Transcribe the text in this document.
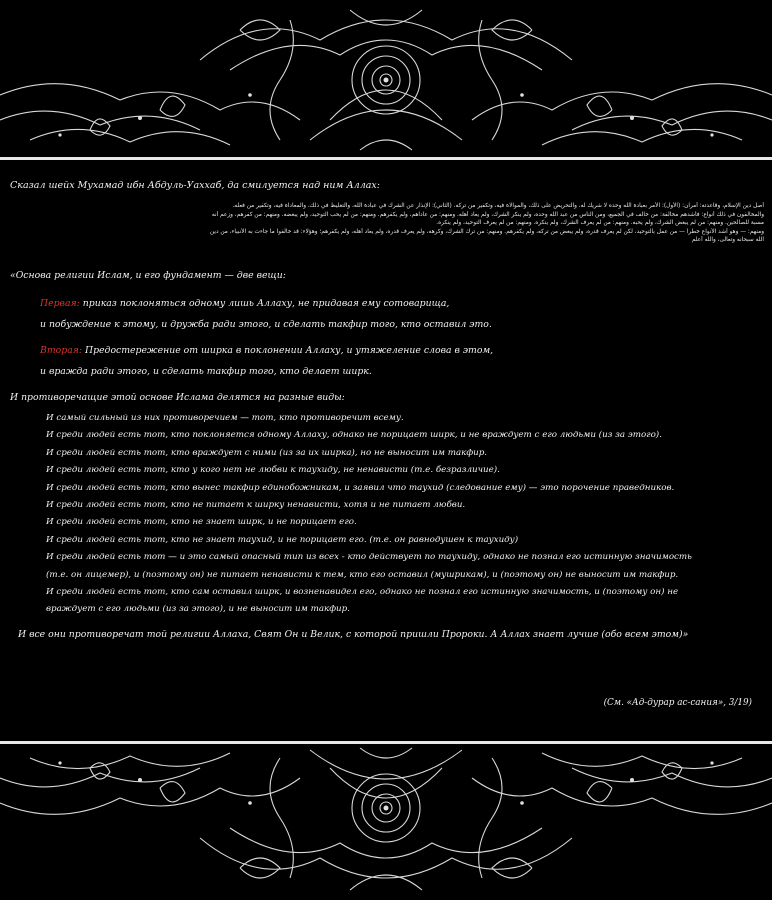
Сказал шейх Мухамад ибн Абдуль-Уаххаб, да смилуется над ним Аллах:
أصل دين الإسلام، وقاعدته: أمران: (الأول): الأمر بعبادة الله وحده لا شريك له، والتحريض على ذلك، والموالاة فيه، وتكفير من تركه. (الثاني): الإنذار عن الشرك في عبادة الله، والتغليظ في ذلك، والمعاداة فيه، وتكفير من فعله.
والمخالفون في ذلك أنواع: فأشدهم مخالفة: من خالف في الجميع، ومن الناس من عبد الله وحده، ولم ينكر الشرك، ولم يعاد أهله. ومنهم: من عاداهم، ولم يكفرهم. ومنهم: من لم يحب التوحيد، ولم يبغضه. ومنهم: من كفرهم، وزعم أنه
مسبة للصالحين. ومنهم: من لم يبغض الشرك، ولم يحبه. ومنهم: من لم يعرف الشرك، ولم ينكره. ومنهم: من لم يعرف التوحيد، ولم ينكره.
ومنهم: — وهو أشد الأنواع خطراً — من عمل بالتوحيد، لكن لم يعرف قدره، ولم يبغض من تركه، ولم يكفرهم. ومنهم: من ترك الشرك، وكرهه، ولم يعرف قدره، ولم يعاد أهله، ولم يكفرهم؛ وهؤلاء: قد خالفوا ما جاءت به الأنبياء، من دين
الله سبحانه وتعالى، والله أعلم
«Основа религии Ислам, и его фундамент — две вещи:
Первая: приказ поклоняться одному лишь Аллаху, не придавая ему сотоварища,
и побуждение к этому, и дружба ради этого, и сделать такфир того, кто оставил это.
Вторая: Предостережение от ширка в поклонении Аллаху, и утяжеление слова в этом,
и вражда ради этого, и сделать такфир того, кто делает ширк.
И противоречащие этой основе Ислама делятся на разные виды:
И самый сильный из них противоречием — тот, кто противоречит всему.
И среди людей есть тот, кто поклоняется одному Аллаху, однако не порицает ширк, и не враждует с его людьми (из за этого).
И среди людей есть тот, кто враждует с ними (из за их ширка), но не выносит им такфир.
И среди людей есть тот, кто у кого нет не любви к таухиду, не ненависти (т.е. безразличие).
И среди людей есть тот, кто вынес такфир единобожникам, и заявил что таухид (следование ему) — это порочение праведников.
И среди людей есть тот, кто не питает к ширку ненависти, хотя и не питает любви.
И среди людей есть тот, кто не знает ширк, и не порицает его.
И среди людей есть тот, кто не знает таухид, и не порицает его. (т.е. он равнодушен к таухиду)
И среди людей есть тот — и это самый опасный тип из всех - кто действует по таухиду, однако не познал его истинную значимость
(т.е. он лицемер), и (поэтому он) не питает ненависти к тем, кто его оставил (мушрикам), и (поэтому он) не выносит им такфир.
И среди людей есть тот, кто сам оставил ширк, и возненавидел его, однако не познал его истинную значимость, и (поэтому он) не
враждует с его людьми (из за этого), и не выносит им такфир.
И все они противоречат той религии Аллаха, Свят Он и Велик, с которой пришли Пророки. А Аллах знает лучше (обо всем этом)»
(См. «Ад-дурар ас-сания», 3/19)
